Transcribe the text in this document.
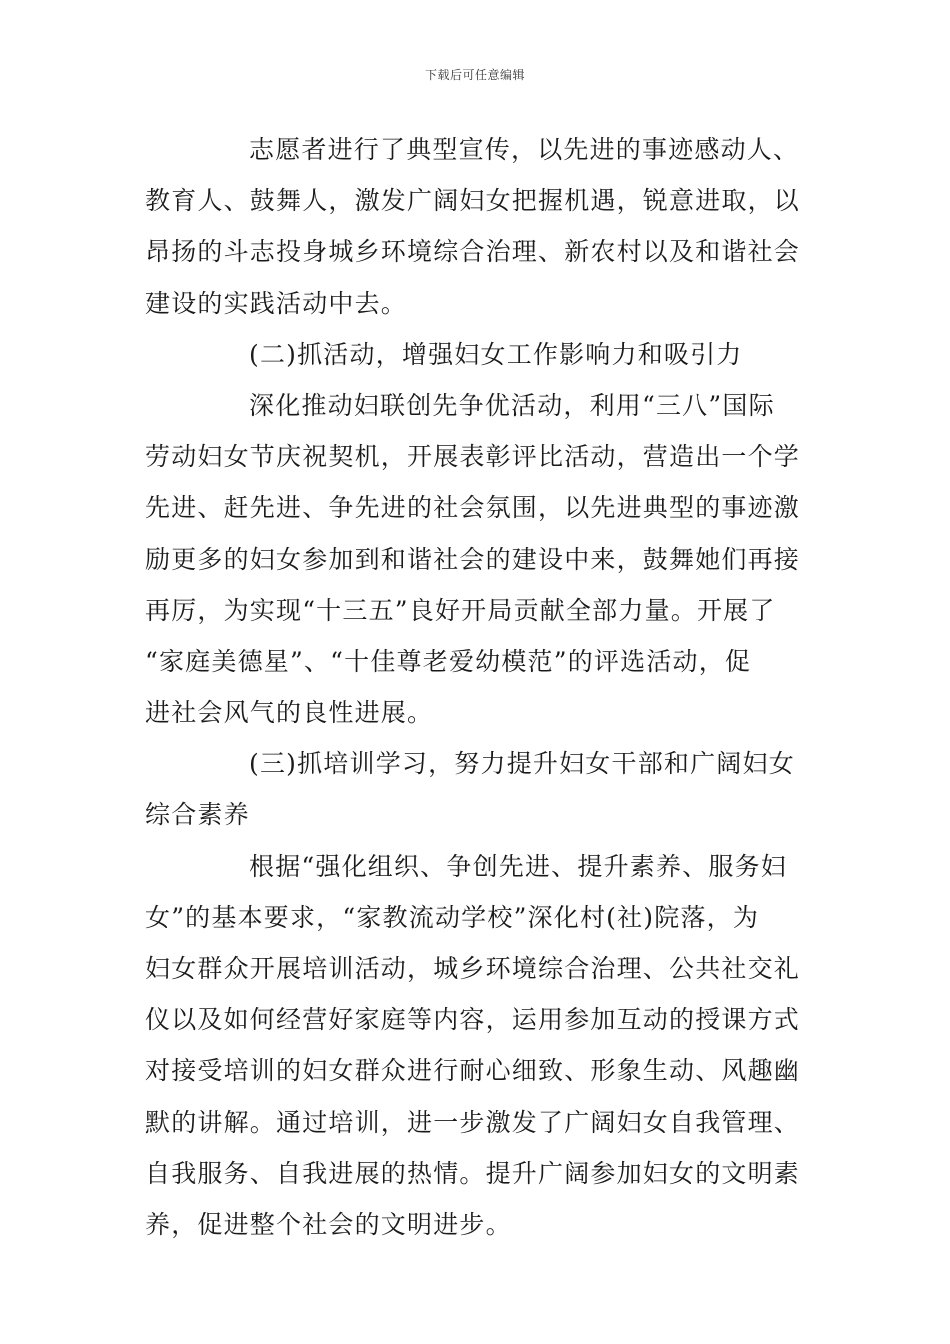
下载后可任意编辑
志愿者进行了典型宣传，以先进的事迹感动人、
教育人、鼓舞人，激发广阔妇女把握机遇，锐意进取，以
昂扬的斗志投身城乡环境综合治理、新农村以及和谐社会
建设的实践活动中去。
(二)抓活动，增强妇女工作影响力和吸引力
深化推动妇联创先争优活动，利用“三八”国际
劳动妇女节庆祝契机，开展表彰评比活动，营造出一个学
先进、赶先进、争先进的社会氛围，以先进典型的事迹激
励更多的妇女参加到和谐社会的建设中来，鼓舞她们再接
再厉，为实现“十三五”良好开局贡献全部力量。开展了
“家庭美德星”、“十佳尊老爱幼模范”的评选活动，促
进社会风气的良性进展。
(三)抓培训学习，努力提升妇女干部和广阔妇女
综合素养
根据“强化组织、争创先进、提升素养、服务妇
女”的基本要求，“家教流动学校”深化村(社)院落，为
妇女群众开展培训活动，城乡环境综合治理、公共社交礼
仪以及如何经营好家庭等内容，运用参加互动的授课方式
对接受培训的妇女群众进行耐心细致、形象生动、风趣幽
默的讲解。通过培训，进一步激发了广阔妇女自我管理、
自我服务、自我进展的热情。提升广阔参加妇女的文明素
养，促进整个社会的文明进步。
